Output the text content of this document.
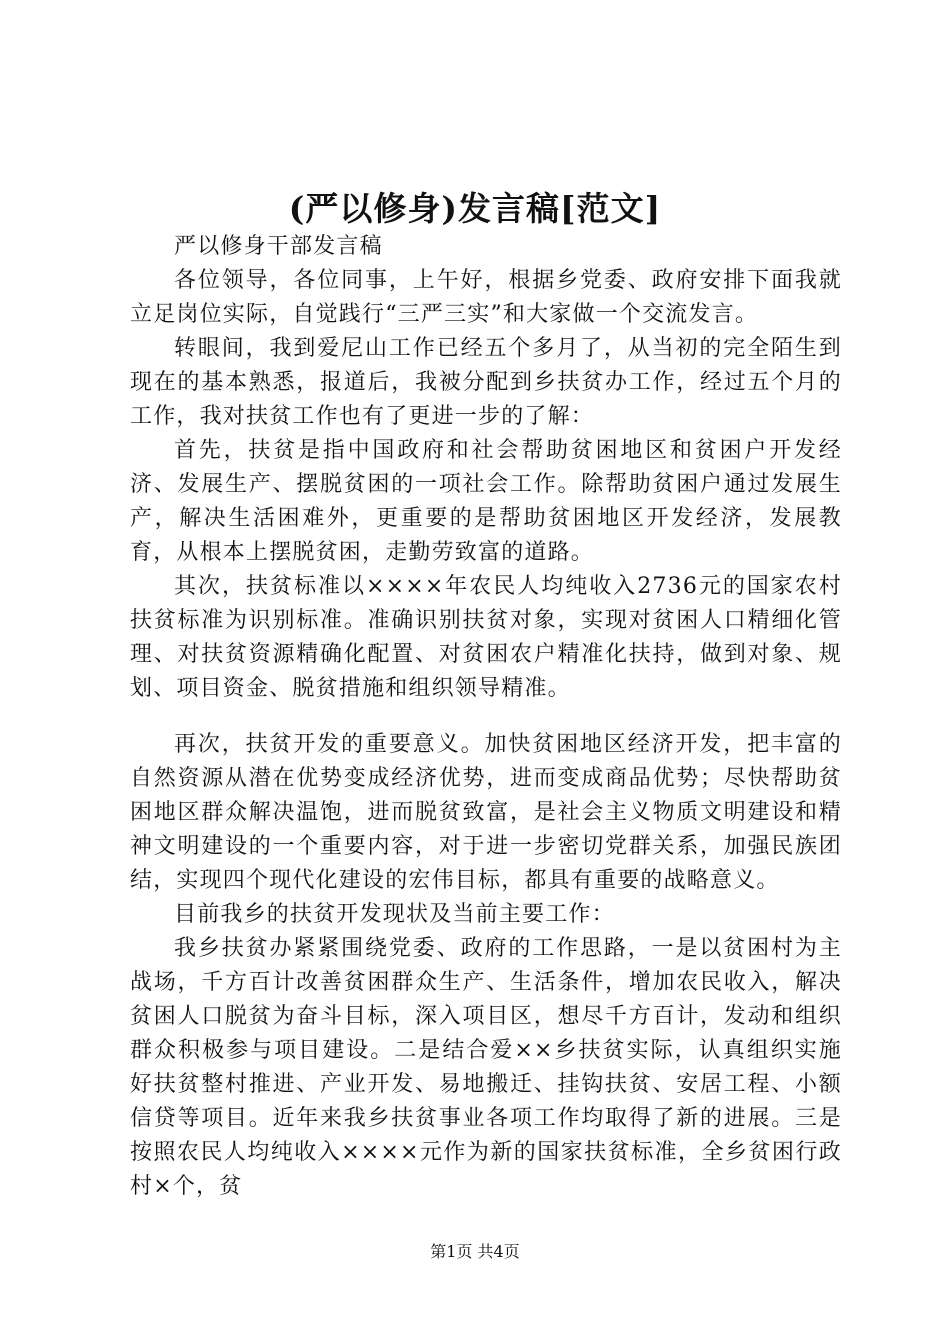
(严以修身)发言稿[范文]

严以修身干部发言稿

各位领导，各位同事，上午好，根据乡党委、政府安排下面我就立足岗位实际，自觉践行“三严三实”和大家做一个交流发言。

转眼间，我到爱尼山工作已经五个多月了，从当初的完全陌生到现在的基本熟悉，报道后，我被分配到乡扶贫办工作，经过五个月的工作，我对扶贫工作也有了更进一步的了解：

首先，扶贫是指中国政府和社会帮助贫困地区和贫困户开发经济、发展生产、摆脱贫困的一项社会工作。除帮助贫困户通过发展生产，解决生活困难外，更重要的是帮助贫困地区开发经济，发展教育，从根本上摆脱贫困，走勤劳致富的道路。

其次，扶贫标准以××××年农民人均纯收入2736元的国家农村扶贫标准为识别标准。准确识别扶贫对象，实现对贫困人口精细化管理、对扶贫资源精确化配置、对贫困农户精准化扶持，做到对象、规划、项目资金、脱贫措施和组织领导精准。

再次，扶贫开发的重要意义。加快贫困地区经济开发，把丰富的自然资源从潜在优势变成经济优势，进而变成商品优势；尽快帮助贫困地区群众解决温饱，进而脱贫致富，是社会主义物质文明建设和精神文明建设的一个重要内容，对于进一步密切党群关系，加强民族团结，实现四个现代化建设的宏伟目标，都具有重要的战略意义。

目前我乡的扶贫开发现状及当前主要工作：

我乡扶贫办紧紧围绕党委、政府的工作思路，一是以贫困村为主战场，千方百计改善贫困群众生产、生活条件，增加农民收入，解决贫困人口脱贫为奋斗目标，深入项目区，想尽千方百计，发动和组织群众积极参与项目建设。二是结合爱××乡扶贫实际，认真组织实施好扶贫整村推进、产业开发、易地搬迁、挂钩扶贫、安居工程、小额信贷等项目。近年来我乡扶贫事业各项工作均取得了新的进展。三是按照农民人均纯收入××××元作为新的国家扶贫标准，全乡贫困行政村×个，贫

第1页 共4页
